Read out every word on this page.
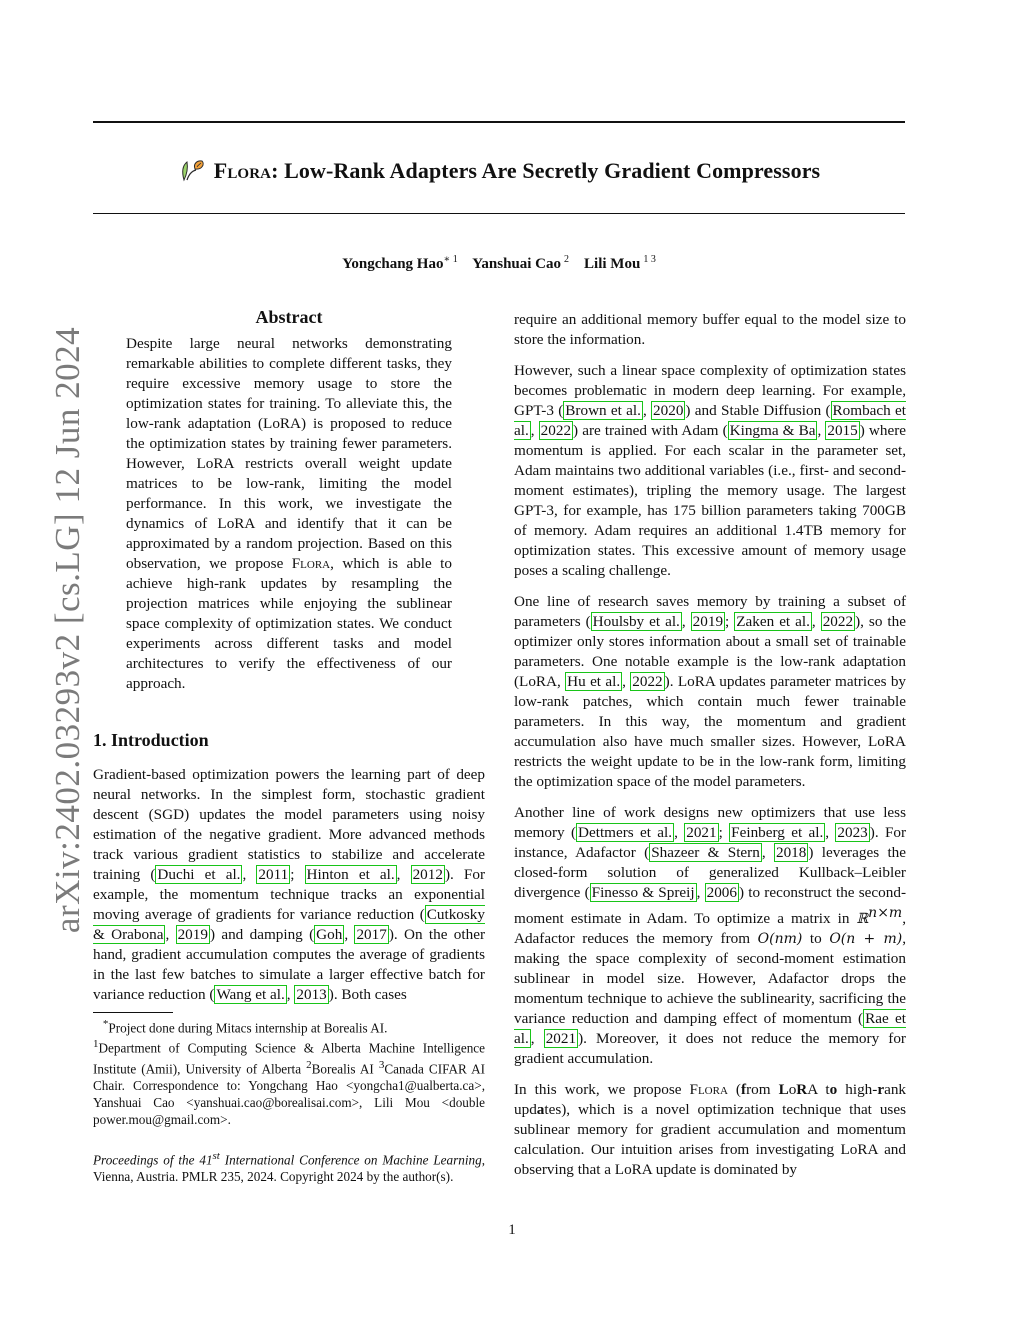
Flora: Low-Rank Adapters Are Secretly Gradient Compressors
Yongchang Hao$^{∗ 1}$ Yanshuai Cao  $^2$ Lili Mou  $^{1 3}$
arXiv:2402.03293v2 [cs.LG] 12 Jun 2024
Abstract
Despite large neural networks demonstrating remarkable abilities to complete different tasks, they require excessive memory usage to store the optimization states for training. To alleviate this, the low-rank adaptation (LoRA) is proposed to reduce the optimization states by training fewer parameters. However, LoRA restricts overall weight update matrices to be low-rank, limiting the model performance. In this work, we investigate the dynamics of LoRA and identify that it can be approximated by a random projection. Based on this observation, we propose Flora, which is able to achieve high-rank updates by resampling the projection matrices while enjoying the sublinear space complexity of optimization states. We conduct experiments across different tasks and model architectures to verify the effectiveness of our approach.
1. Introduction

Gradient-based optimization powers the learning part of deep neural networks. In the simplest form, stochastic gradient descent (SGD) updates the model parameters using noisy estimation of the negative gradient. More advanced methods track various gradient statistics to stabilize and accelerate training ( Duchi et al. , 2011 ; Hinton et al. , 2012 ). For example, the momentum technique tracks an exponential moving average of gradients for variance reduction ( Cutkosky & Orabona , 2019 ) and damping ( Goh , 2017 ). On the other hand, gradient accumulation computes the average of gradients in the last few batches to simulate a larger effective batch for variance reduction ( Wang et al. , 2013 ). Both cases

*Project done during Mitacs internship at Borealis AI.

$^1$Department of Computing Science & Alberta Machine Intelligence Institute (Amii), University of Alberta $^2$Borealis AI $^3$Canada CIFAR AI Chair. Correspondence to: Yongchang Hao <yongcha1@ualberta.ca>, Yanshuai Cao <yanshuai.cao@borealisai.com>, Lili Mou <double power.mou@gmail.com>.

Proceedings of the 41st International Conference on Machine Learning, Vienna, Austria. PMLR 235, 2024. Copyright 2024 by the author(s).

require an additional memory buffer equal to the model size to store the information.

However, such a linear space complexity of optimization states becomes problematic in modern deep learning. For example, GPT-3 ( Brown et al. , 2020 ) and Stable Diffusion ( Rombach et al. , 2022 ) are trained with Adam ( Kingma & Ba , 2015 ) where momentum is applied. For each scalar in the parameter set, Adam maintains two additional variables (i.e., first- and second-moment estimates), tripling the memory usage. The largest GPT-3, for example, has 175 billion parameters taking 700GB of memory. Adam requires an additional 1.4TB memory for optimization states. This excessive amount of memory usage poses a scaling challenge.

One line of research saves memory by training a subset of parameters ( Houlsby et al. , 2019 ; Zaken et al. , 2022 ), so the optimizer only stores information about a small set of trainable parameters. One notable example is the low-rank adaptation (LoRA, Hu et al. , 2022 ). LoRA updates parameter matrices by low-rank patches, which contain much fewer trainable parameters. In this way, the momentum and gradient accumulation also have much smaller sizes. However, LoRA restricts the weight update to be in the low-rank form, limiting the optimization space of the model parameters.

Another line of work designs new optimizers that use less memory ( Dettmers et al. , 2021 ; Feinberg et al. , 2023 ). For instance, Adafactor ( Shazeer & Stern , 2018 ) leverages the closed-form solution of generalized Kullback–Leibler divergence ( Finesso & Spreij , 2006 ) to reconstruct the second-moment estimate in Adam. To optimize a matrix in ℝ$^{n\times m}$, Adafactor reduces the memory from O(nm) to O(n + m), making the space complexity of second-moment estimation sublinear in model size. However, Adafactor drops the momentum technique to achieve the sublinearity, sacrificing the variance reduction and damping effect of momentum ( Rae et al. , 2021 ). Moreover, it does not reduce the memory for gradient accumulation.

In this work, we propose Flora (from LoRA to high-rank updates), which is a novel optimization technique that uses sublinear memory for gradient accumulation and momentum calculation. Our intuition arises from investigating LoRA and observing that a LoRA update is dominated by

1
